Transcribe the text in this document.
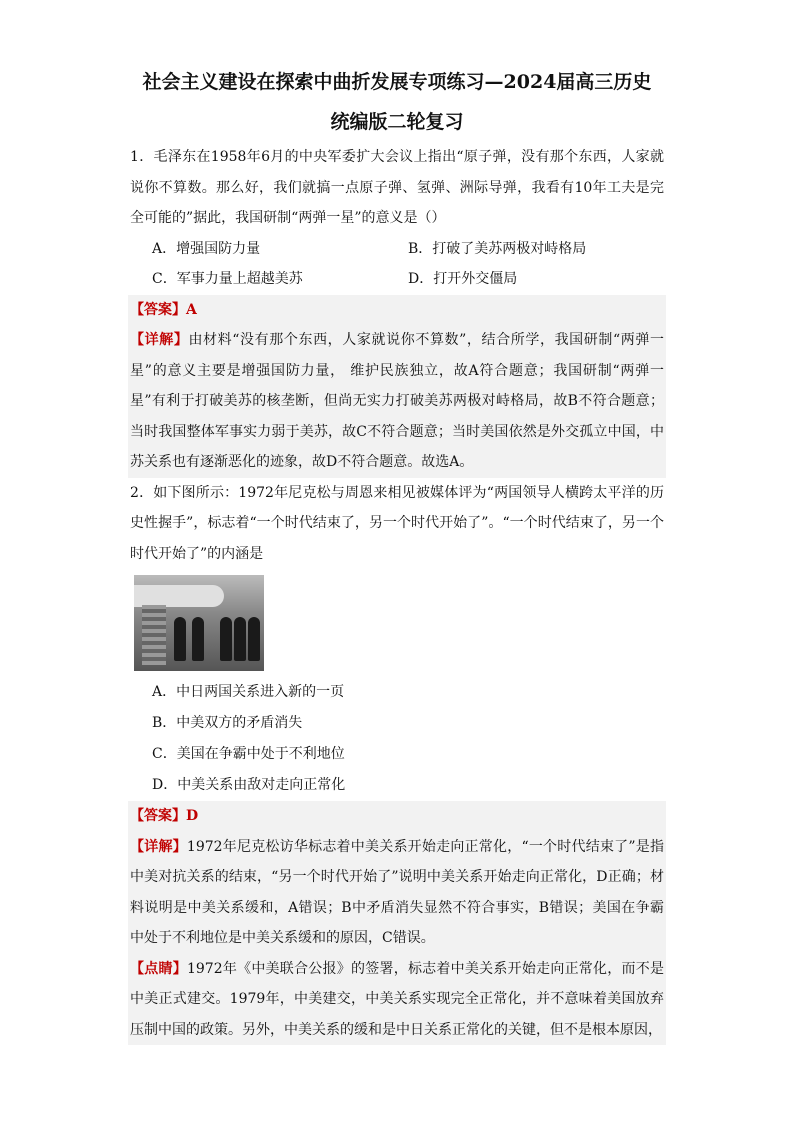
社会主义建设在探索中曲折发展专项练习—2024届高三历史
统编版二轮复习

1．毛泽东在1958年6月的中央军委扩大会议上指出“原子弹，没有那个东西，人家就说你不算数。那么好，我们就搞一点原子弹、氢弹、洲际导弹，我看有10年工夫是完全可能的”据此，我国研制“两弹一星”的意义是（）

A．增强国防力量	B．打破了美苏两极对峙格局
C．军事力量上超越美苏	D．打开外交僵局

【答案】A

【详解】由材料“没有那个东西，人家就说你不算数”，结合所学，我国研制“两弹一星”的意义主要是增强国防力量， 维护民族独立，故A符合题意；我国研制“两弹一星”有利于打破美苏的核垄断，但尚无实力打破美苏两极对峙格局，故B不符合题意；当时我国整体军事实力弱于美苏，故C不符合题意；当时美国依然是外交孤立中国，中苏关系也有逐渐恶化的迹象，故D不符合题意。故选A。

2．如下图所示：1972年尼克松与周恩来相见被媒体评为“两国领导人横跨太平洋的历史性握手”，标志着“一个时代结束了，另一个时代开始了”。“一个时代结束了，另一个时代开始了”的内涵是

A．中日两国关系进入新的一页
B．中美双方的矛盾消失
C．美国在争霸中处于不利地位
D．中美关系由敌对走向正常化

【答案】D

【详解】1972年尼克松访华标志着中美关系开始走向正常化，“一个时代结束了”是指中美对抗关系的结束，“另一个时代开始了”说明中美关系开始走向正常化，D正确；材料说明是中美关系缓和，A错误；B中矛盾消失显然不符合事实，B错误；美国在争霸中处于不利地位是中美关系缓和的原因，C错误。

【点睛】1972年《中美联合公报》的签署，标志着中美关系开始走向正常化，而不是中美正式建交。1979年，中美建交，中美关系实现完全正常化，并不意味着美国放弃压制中国的政策。另外，中美关系的缓和是中日关系正常化的关键，但不是根本原因，
